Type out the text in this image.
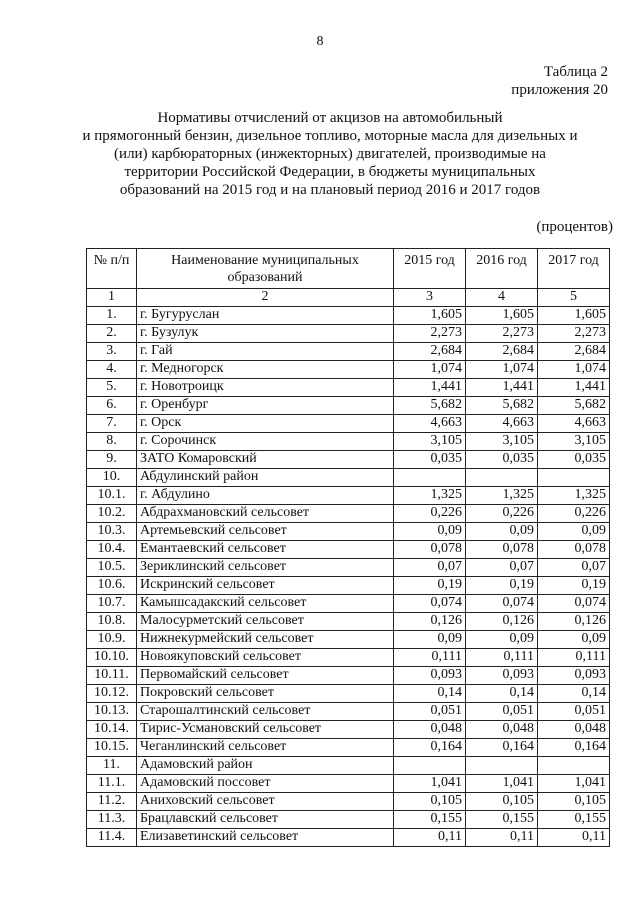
8
Таблица 2
приложения 20
Нормативы отчислений от акцизов на автомобильный
и прямогонный бензин, дизельное топливо, моторные масла для дизельных и
(или) карбюраторных (инжекторных) двигателей, производимые на
территории Российской Федерации, в бюджеты муниципальных
образований на 2015 год и на плановый период 2016 и 2017 годов
(процентов)
№ п/п	Наименование муниципальных образований	2015 год	2016 год	2017 год
1	2	3	4	5
1.	г. Бугуруслан	1,605	1,605	1,605
2.	г. Бузулук	2,273	2,273	2,273
3.	г. Гай	2,684	2,684	2,684
4.	г. Медногорск	1,074	1,074	1,074
5.	г. Новотроицк	1,441	1,441	1,441
6.	г. Оренбург	5,682	5,682	5,682
7.	г. Орск	4,663	4,663	4,663
8.	г. Сорочинск	3,105	3,105	3,105
9.	ЗАТО Комаровский	0,035	0,035	0,035
10.	Абдулинский район			
10.1.	г. Абдулино	1,325	1,325	1,325
10.2.	Абдрахмановский сельсовет	0,226	0,226	0,226
10.3.	Артемьевский сельсовет	0,09	0,09	0,09
10.4.	Емантаевский сельсовет	0,078	0,078	0,078
10.5.	Зериклинский сельсовет	0,07	0,07	0,07
10.6.	Искринский сельсовет	0,19	0,19	0,19
10.7.	Камышсадакский сельсовет	0,074	0,074	0,074
10.8.	Малосурметский сельсовет	0,126	0,126	0,126
10.9.	Нижнекурмейский сельсовет	0,09	0,09	0,09
10.10.	Новоякуповский сельсовет	0,111	0,111	0,111
10.11.	Первомайский сельсовет	0,093	0,093	0,093
10.12.	Покровский сельсовет	0,14	0,14	0,14
10.13.	Старошалтинский сельсовет	0,051	0,051	0,051
10.14.	Тирис-Усмановский сельсовет	0,048	0,048	0,048
10.15.	Чеганлинский сельсовет	0,164	0,164	0,164
11.	Адамовский район			
11.1.	Адамовский поссовет	1,041	1,041	1,041
11.2.	Аниховский сельсовет	0,105	0,105	0,105
11.3.	Брацлавский сельсовет	0,155	0,155	0,155
11.4.	Елизаветинский сельсовет	0,11	0,11	0,11
